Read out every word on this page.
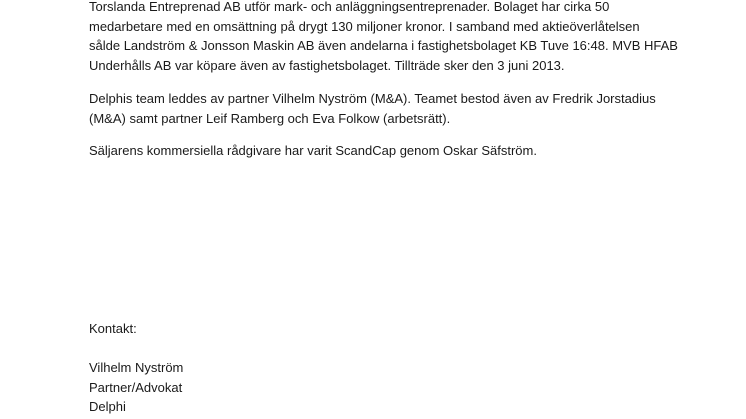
Torslanda Entreprenad AB utför mark- och anläggningsentreprenader. Bolaget har cirka 50
medarbetare med en omsättning på drygt 130 miljoner kronor. I samband med aktieöverlåtelsen
sålde Landström & Jonsson Maskin AB även andelarna i fastighetsbolaget KB Tuve 16:48. MVB HFAB
Underhålls AB var köpare även av fastighetsbolaget. Tillträde sker den 3 juni 2013.

Delphis team leddes av partner Vilhelm Nyström (M&A). Teamet bestod även av Fredrik Jorstadius
(M&A) samt partner Leif Ramberg och Eva Folkow (arbetsrätt).

Säljarens kommersiella rådgivare har varit ScandCap genom Oskar Säfström.

Kontakt:

Vilhelm Nyström
Partner/Advokat
Delphi
